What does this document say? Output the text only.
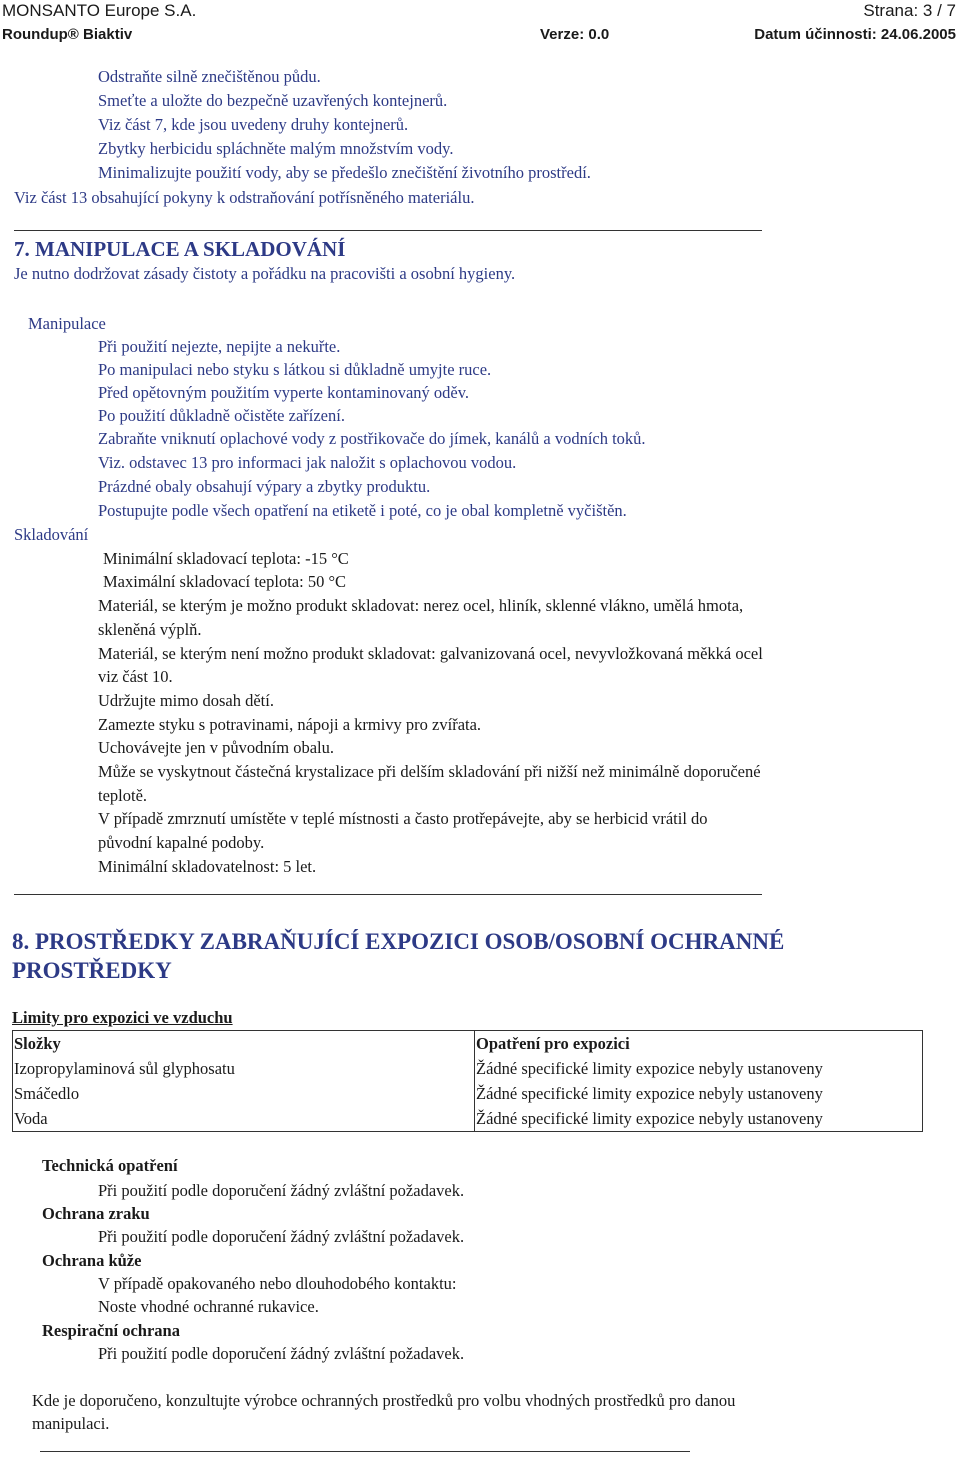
MONSANTO Europe S.A.	Strana: 3 / 7
Roundup® Biaktiv	Verze: 0.0	Datum účinnosti: 24.06.2005
Odstraňte silně znečištěnou půdu.
Smeťte a uložte do bezpečně uzavřených kontejnerů.
Viz část 7, kde jsou uvedeny druhy kontejnerů.
Zbytky herbicidu spláchněte malým množstvím vody.
Minimalizujte použití vody, aby se předešlo znečištění životního prostředí.
Viz část 13 obsahující pokyny k odstraňování potřísněného materiálu.
7. MANIPULACE A SKLADOVÁNÍ
Je nutno dodržovat zásady čistoty a pořádku na pracovišti a osobní hygieny.
Manipulace
Při použití nejezte, nepijte a nekuřte.
Po manipulaci nebo styku s látkou si důkladně umyjte ruce.
Před opětovným použitím vyperte kontaminovaný oděv.
Po použití důkladně očistěte zařízení.
Zabraňte vniknutí oplachové vody z postřikovače do jímek, kanálů a vodních toků.
Viz. odstavec 13 pro informaci jak naložit s oplachovou vodou.
Prázdné obaly obsahují výpary a zbytky produktu.
Postupujte podle všech opatření na etiketě i poté, co je obal kompletně vyčištěn.
Skladování
Minimální skladovací teplota: -15 °C
Maximální skladovací teplota: 50 °C
Materiál, se kterým je možno produkt skladovat: nerez ocel, hliník, sklenné vlákno, umělá hmota,
skleněná výplň.
Materiál, se kterým není možno produkt skladovat: galvanizovaná ocel, nevyvložkovaná měkká ocel
viz část 10.
Udržujte mimo dosah dětí.
Zamezte styku s potravinami, nápoji a krmivy pro zvířata.
Uchovávejte jen v původním obalu.
Může se vyskytnout částečná krystalizace při delším skladování při nižší než minimálně doporučené
teplotě.
V případě zmrznutí umístěte v teplé místnosti a často protřepávejte, aby se herbicid vrátil do
původní kapalné podoby.
Minimální skladovatelnost: 5 let.
8. PROSTŘEDKY ZABRAŇUJÍCÍ EXPOZICI OSOB/OSOBNÍ OCHRANNÉ
PROSTŘEDKY
Limity pro expozici ve vzduchu
Složky	Opatření pro expozici
Izopropylaminová sůl glyphosatu	Žádné specifické limity expozice nebyly ustanoveny
Smáčedlo	Žádné specifické limity expozice nebyly ustanoveny
Voda	Žádné specifické limity expozice nebyly ustanoveny
Technická opatření
Při použití podle doporučení žádný zvláštní požadavek.
Ochrana zraku
Při použití podle doporučení žádný zvláštní požadavek.
Ochrana kůže
V případě opakovaného nebo dlouhodobého kontaktu:
Noste vhodné ochranné rukavice.
Respirační ochrana
Při použití podle doporučení žádný zvláštní požadavek.
Kde je doporučeno, konzultujte výrobce ochranných prostředků pro volbu vhodných prostředků pro danou
manipulaci.
